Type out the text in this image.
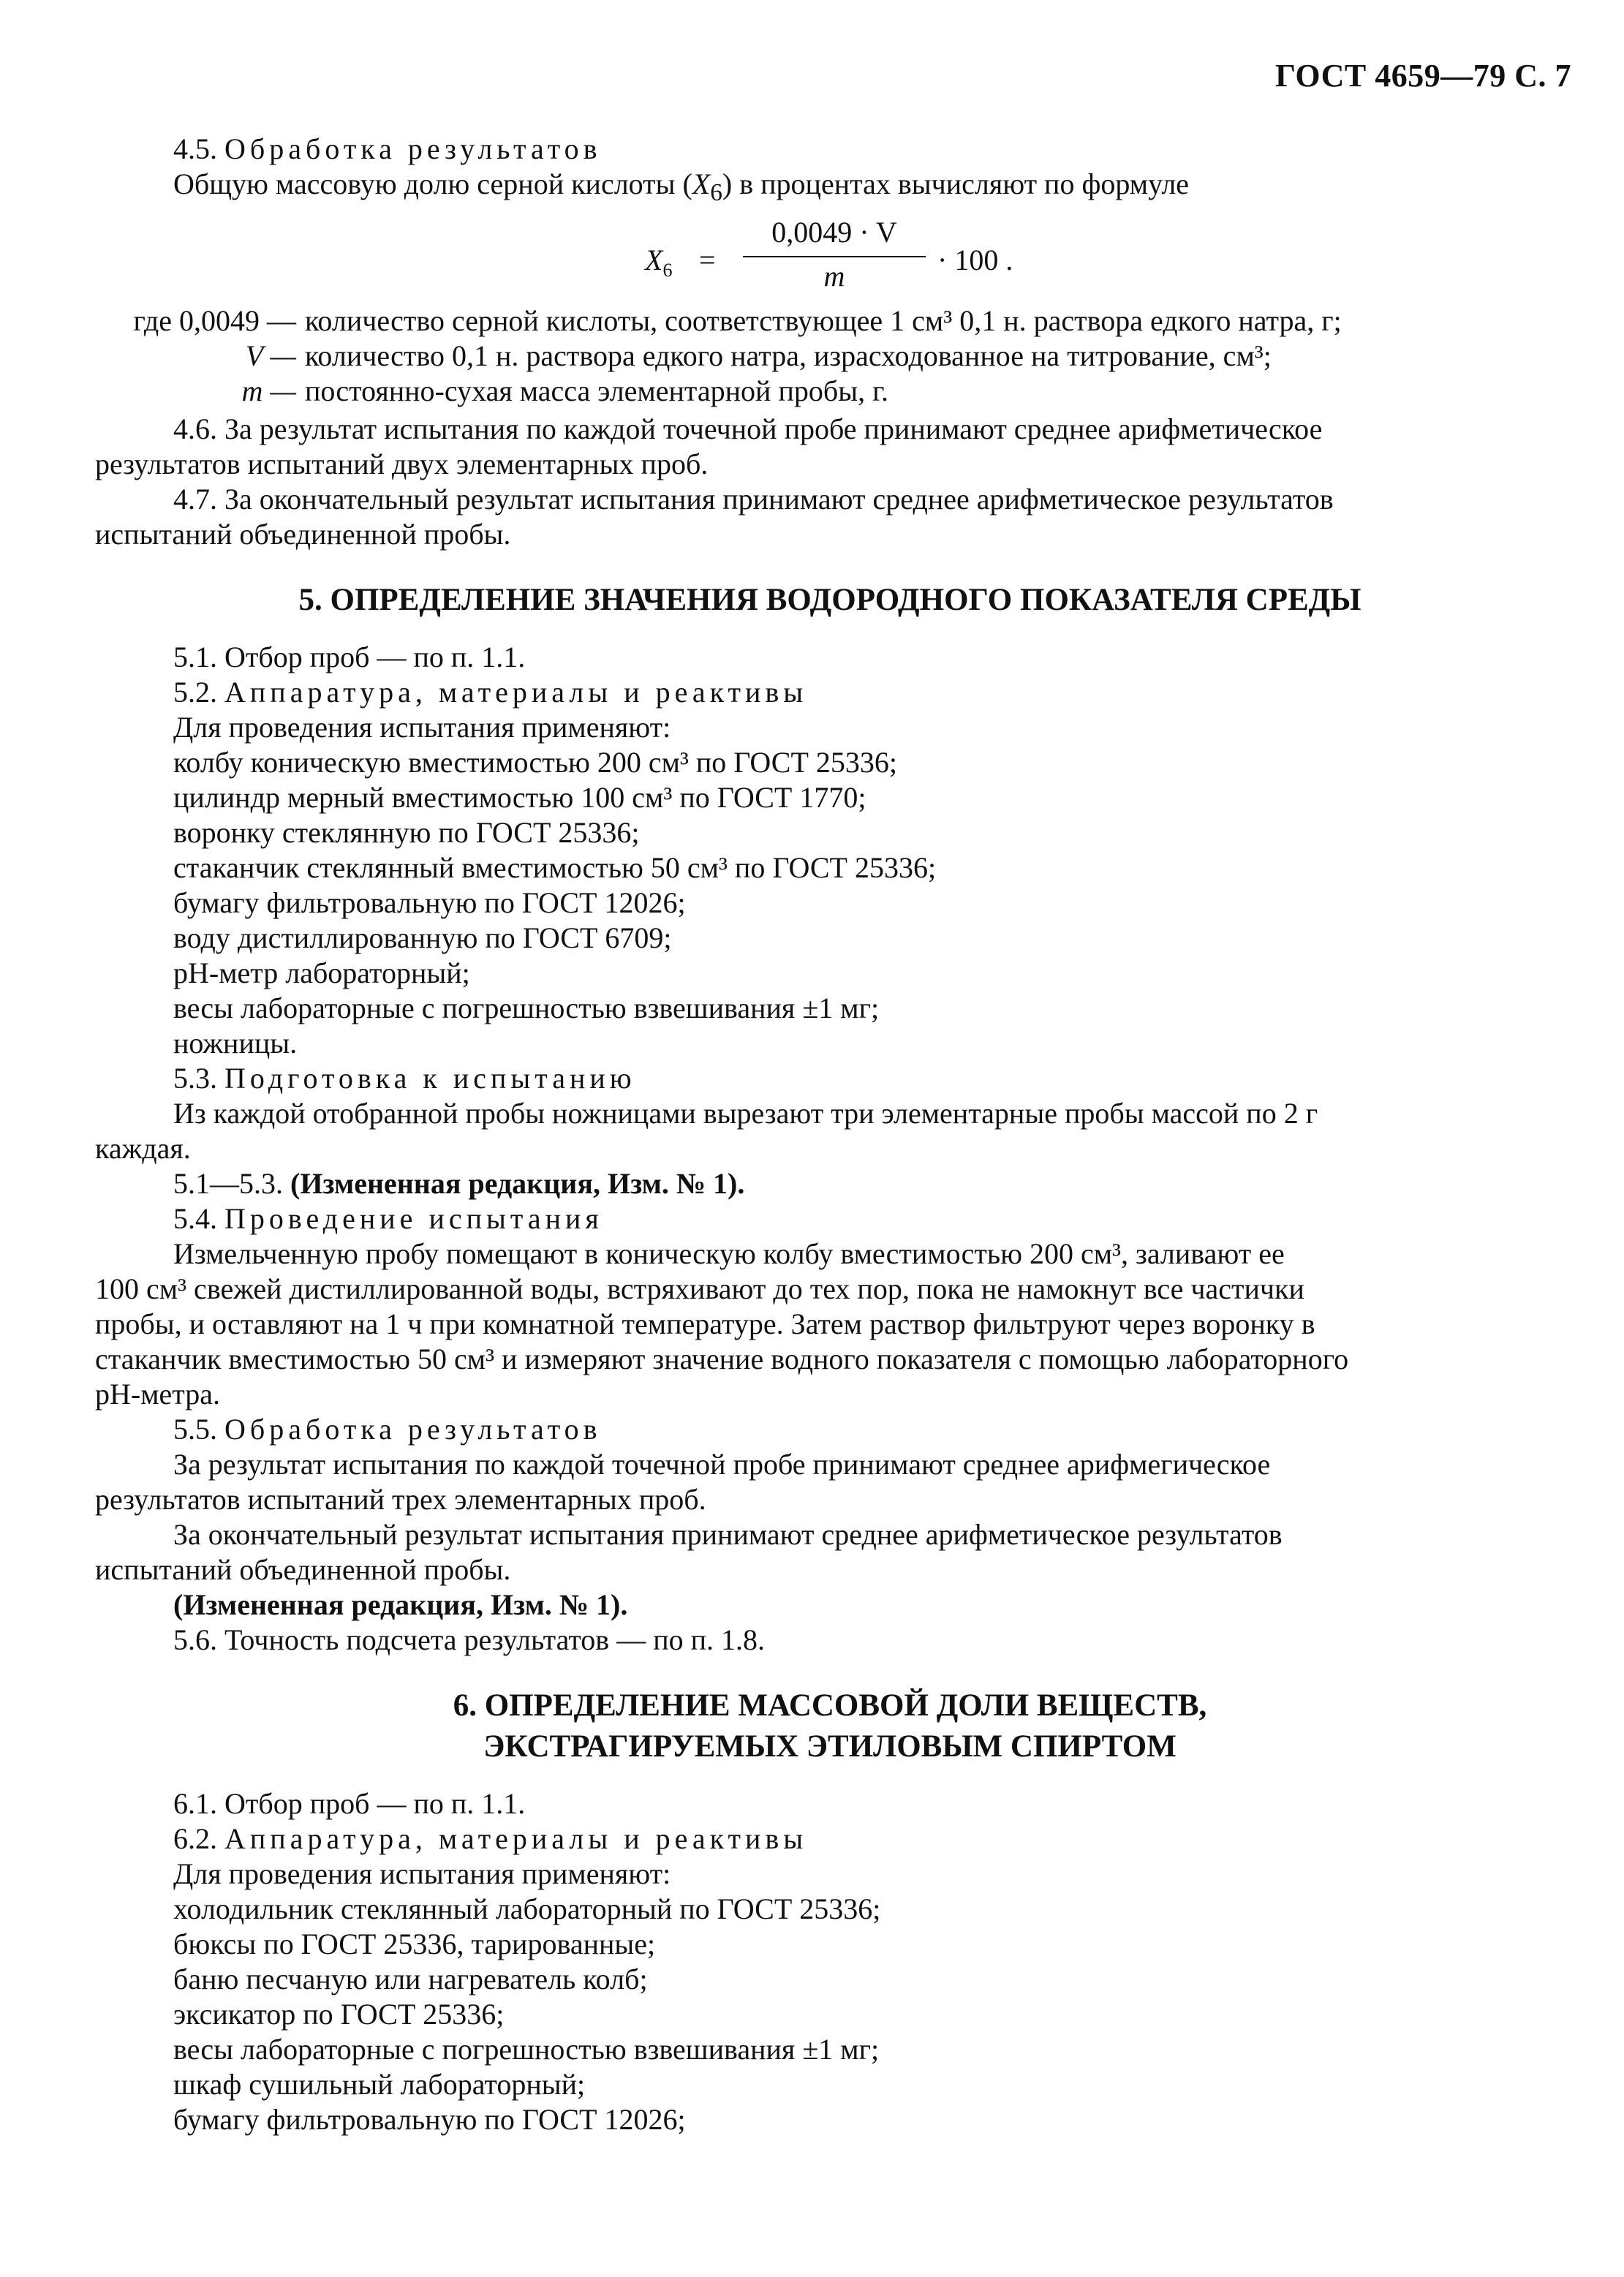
ГОСТ 4659—79 С. 7
4.5. Обработка результатов
Общую массовую долю серной кислоты $(X_6)$ в процентах вычисляют по формуле
$X_6$ =
0,0049 · V
m	· 100 .
где 0,0049 — количество серной кислоты, соответствующее 1 см³ 0,1 н. раствора едкого натра, г;
V — количество 0,1 н. раствора едкого натра, израсходованное на титрование, см³;
m — постоянно-сухая масса элементарной пробы, г.
4.6. За результат испытания по каждой точечной пробе принимают среднее арифметическое
результатов испытаний двух элементарных проб.
4.7. За окончательный результат испытания принимают среднее арифметическое результатов
испытаний объединенной пробы.
5. ОПРЕДЕЛЕНИЕ ЗНАЧЕНИЯ ВОДОРОДНОГО ПОКАЗАТЕЛЯ СРЕДЫ
5.1. Отбор проб — по п. 1.1.
5.2. Аппаратура, материалы и реактивы
Для проведения испытания применяют:
колбу коническую вместимостью 200 см³ по ГОСТ 25336;
цилиндр мерный вместимостью 100 см³ по ГОСТ 1770;
воронку стеклянную по ГОСТ 25336;
стаканчик стеклянный вместимостью 50 см³ по ГОСТ 25336;
бумагу фильтровальную по ГОСТ 12026;
воду дистиллированную по ГОСТ 6709;
pH-метр лабораторный;
весы лабораторные с погрешностью взвешивания ±1 мг;
ножницы.
5.3. Подготовка к испытанию
Из каждой отобранной пробы ножницами вырезают три элементарные пробы массой по 2 г
каждая.
5.1—5.3. (Измененная редакция, Изм. № 1).
5.4. Проведение испытания
Измельченную пробу помещают в коническую колбу вместимостью 200 см³, заливают ее
100 см³ свежей дистиллированной воды, встряхивают до тех пор, пока не намокнут все частички
пробы, и оставляют на 1 ч при комнатной температуре. Затем раствор фильтруют через воронку в
стаканчик вместимостью 50 см³ и измеряют значение водного показателя с помощью лабораторного
pH-метра.
5.5. Обработка результатов
За результат испытания по каждой точечной пробе принимают среднее арифмегическое
результатов испытаний трех элементарных проб.
За окончательный результат испытания принимают среднее арифметическое результатов
испытаний объединенной пробы.
(Измененная редакция, Изм. № 1).
5.6. Точность подсчета результатов — по п. 1.8.
6. ОПРЕДЕЛЕНИЕ МАССОВОЙ ДОЛИ ВЕЩЕСТВ,
ЭКСТРАГИРУЕМЫХ ЭТИЛОВЫМ СПИРТОМ
6.1. Отбор проб — по п. 1.1.
6.2. Аппаратура, материалы и реактивы
Для проведения испытания применяют:
холодильник стеклянный лабораторный по ГОСТ 25336;
бюксы по ГОСТ 25336, тарированные;
баню песчаную или нагреватель колб;
эксикатор по ГОСТ 25336;
весы лабораторные с погрешностью взвешивания ±1 мг;
шкаф сушильный лабораторный;
бумагу фильтровальную по ГОСТ 12026;
